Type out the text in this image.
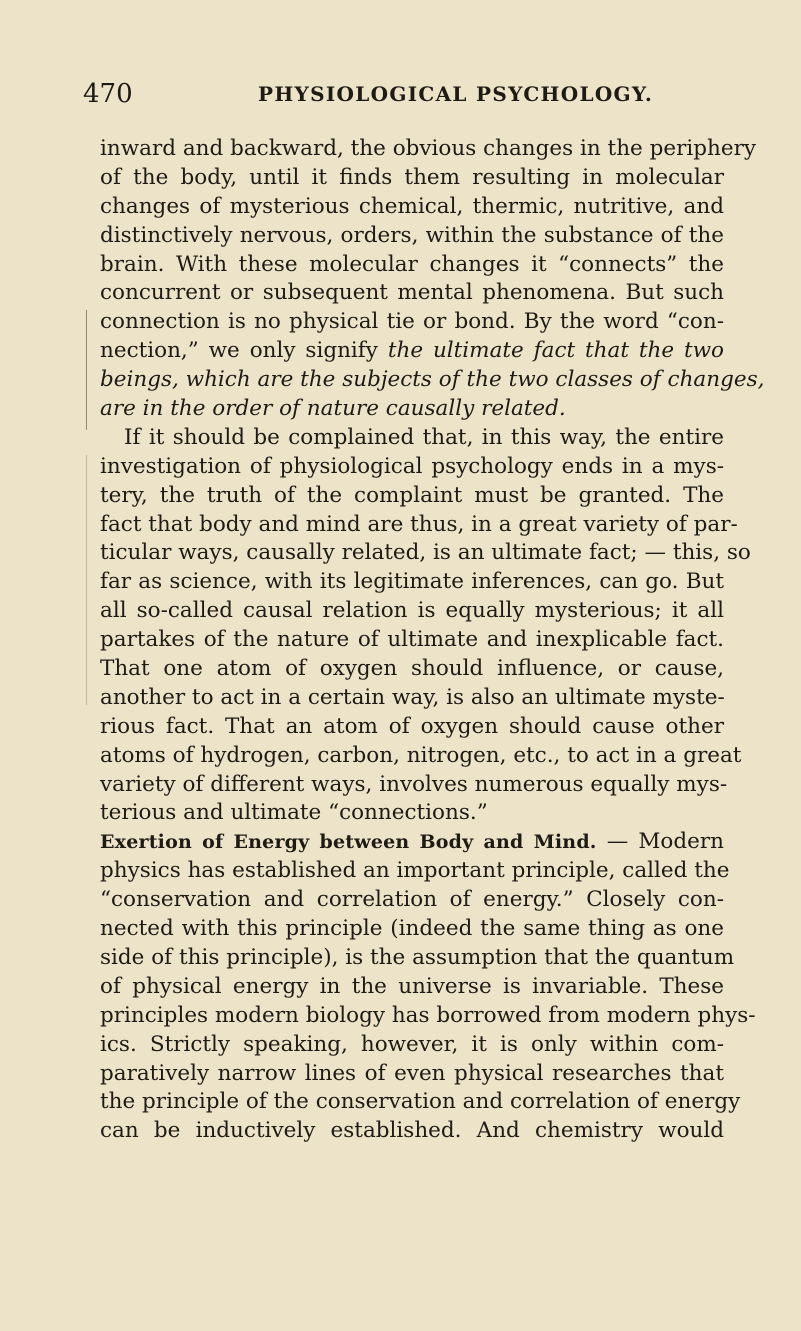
470	PHYSIOLOGICAL PSYCHOLOGY.
inward and backward, the obvious changes in the periphery
of the body, until it finds them resulting in molecular
changes of mysterious chemical, thermic, nutritive, and
distinctively nervous, orders, within the substance of the
brain. With these molecular changes it “connects” the
concurrent or subsequent mental phenomena. But such
connection is no physical tie or bond. By the word “con-
nection,” we only signify the ultimate fact that the two
beings, which are the subjects of the two classes of changes,
are in the order of nature causally related.
If it should be complained that, in this way, the entire
investigation of physiological psychology ends in a mys-
tery, the truth of the complaint must be granted. The
fact that body and mind are thus, in a great variety of par-
ticular ways, causally related, is an ultimate fact; — this, so
far as science, with its legitimate inferences, can go. But
all so-called causal relation is equally mysterious; it all
partakes of the nature of ultimate and inexplicable fact.
That one atom of oxygen should influence, or cause,
another to act in a certain way, is also an ultimate myste-
rious fact. That an atom of oxygen should cause other
atoms of hydrogen, carbon, nitrogen, etc., to act in a great
variety of different ways, involves numerous equally mys-
terious and ultimate “connections.”
Exertion of Energy between Body and Mind. — Modern
physics has established an important principle, called the
“conservation and correlation of energy.” Closely con-
nected with this principle (indeed the same thing as one
side of this principle), is the assumption that the quantum
of physical energy in the universe is invariable. These
principles modern biology has borrowed from modern phys-
ics. Strictly speaking, however, it is only within com-
paratively narrow lines of even physical researches that
the principle of the conservation and correlation of energy
can be inductively established. And chemistry would
